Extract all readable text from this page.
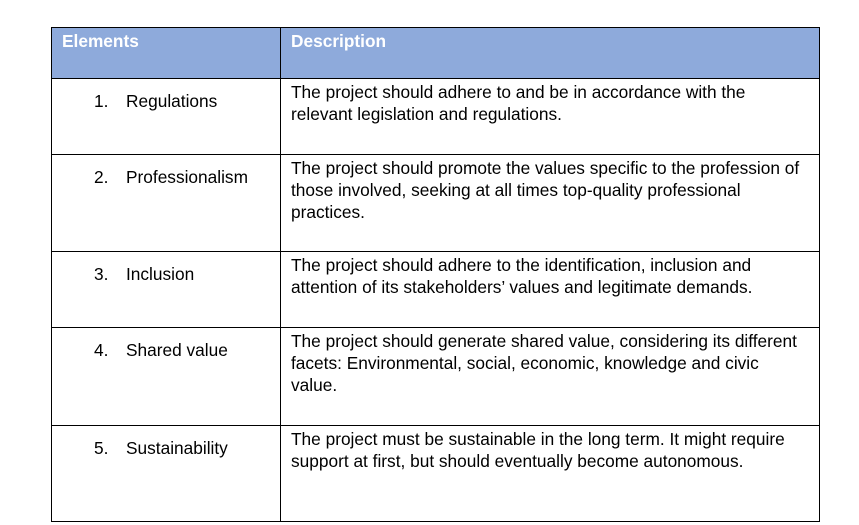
Elements	Description

1. Regulations	The project should adhere to and be in accordance with the relevant legislation and regulations.

2. Professionalism	The project should promote the values specific to the profession of those involved, seeking at all times top-quality professional practices.

3. Inclusion	The project should adhere to the identification, inclusion and attention of its stakeholders’ values and legitimate demands.

4. Shared value	The project should generate shared value, considering its different facets: Environmental, social, economic, knowledge and civic value.

5. Sustainability	The project must be sustainable in the long term. It might require support at first, but should eventually become autonomous.
